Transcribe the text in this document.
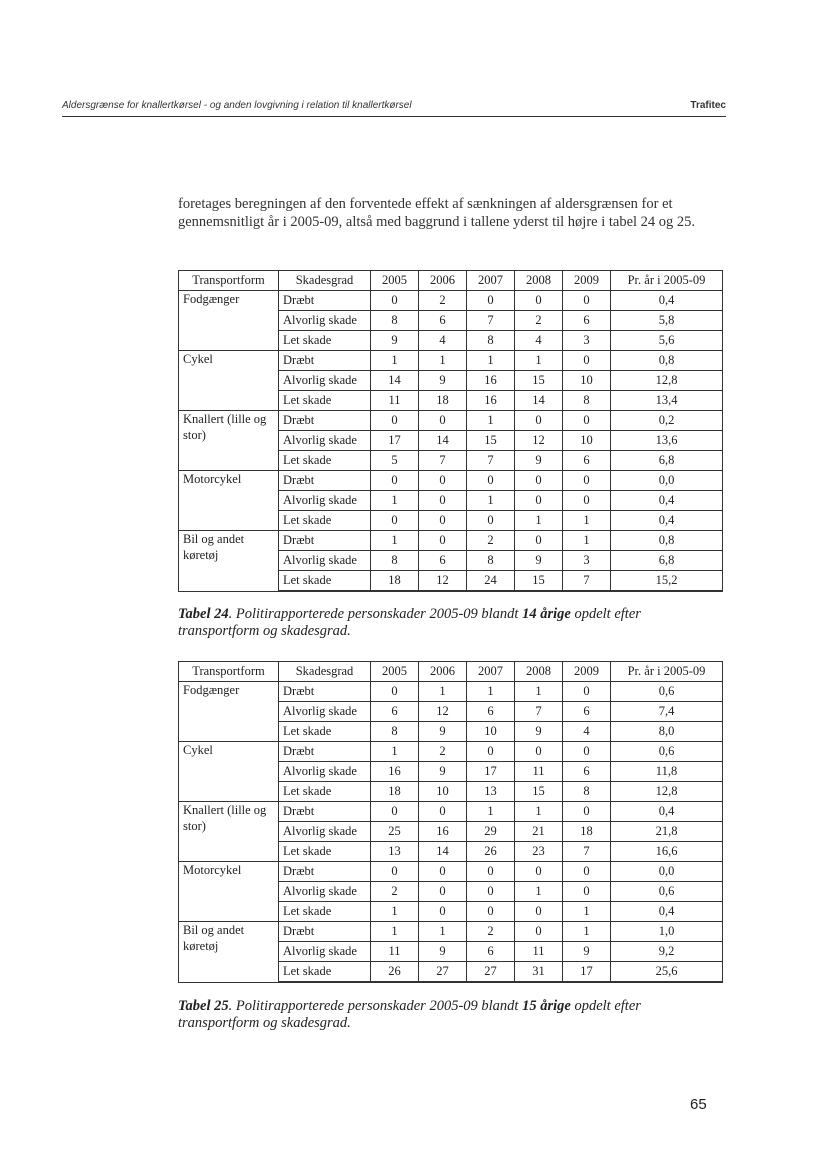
Aldersgrænse for knallertkørsel - og anden lovgivning i relation til knallertkørsel	Trafitec

foretages beregningen af den forventede effekt af sænkningen af aldersgrænsen for et gennemsnitligt år i 2005-09, altså med baggrund i tallene yderst til højre i tabel 24 og 25.

Transportform	Skadesgrad	2005	2006	2007	2008	2009	Pr. år i 2005-09
Fodgænger	Dræbt	0	2	0	0	0	0,4
	Alvorlig skade	8	6	7	2	6	5,8
	Let skade	9	4	8	4	3	5,6
Cykel	Dræbt	1	1	1	1	0	0,8
	Alvorlig skade	14	9	16	15	10	12,8
	Let skade	11	18	16	14	8	13,4
Knallert (lille og stor)	Dræbt	0	0	1	0	0	0,2
	Alvorlig skade	17	14	15	12	10	13,6
	Let skade	5	7	7	9	6	6,8
Motorcykel	Dræbt	0	0	0	0	0	0,0
	Alvorlig skade	1	0	1	0	0	0,4
	Let skade	0	0	0	1	1	0,4
Bil og andet køretøj	Dræbt	1	0	2	0	1	0,8
	Alvorlig skade	8	6	8	9	3	6,8
	Let skade	18	12	24	15	7	15,2
Tabel 24. Politirapporterede personskader 2005-09 blandt 14 årige opdelt efter transportform og skadesgrad.
Transportform	Skadesgrad	2005	2006	2007	2008	2009	Pr. år i 2005-09
Fodgænger	Dræbt	0	1	1	1	0	0,6
	Alvorlig skade	6	12	6	7	6	7,4
	Let skade	8	9	10	9	4	8,0
Cykel	Dræbt	1	2	0	0	0	0,6
	Alvorlig skade	16	9	17	11	6	11,8
	Let skade	18	10	13	15	8	12,8
Knallert (lille og stor)	Dræbt	0	0	1	1	0	0,4
	Alvorlig skade	25	16	29	21	18	21,8
	Let skade	13	14	26	23	7	16,6
Motorcykel	Dræbt	0	0	0	0	0	0,0
	Alvorlig skade	2	0	0	1	0	0,6
	Let skade	1	0	0	0	1	0,4
Bil og andet køretøj	Dræbt	1	1	2	0	1	1,0
	Alvorlig skade	11	9	6	11	9	9,2
	Let skade	26	27	27	31	17	25,6
Tabel 25. Politirapporterede personskader 2005-09 blandt 15 årige opdelt efter transportform og skadesgrad.
65
